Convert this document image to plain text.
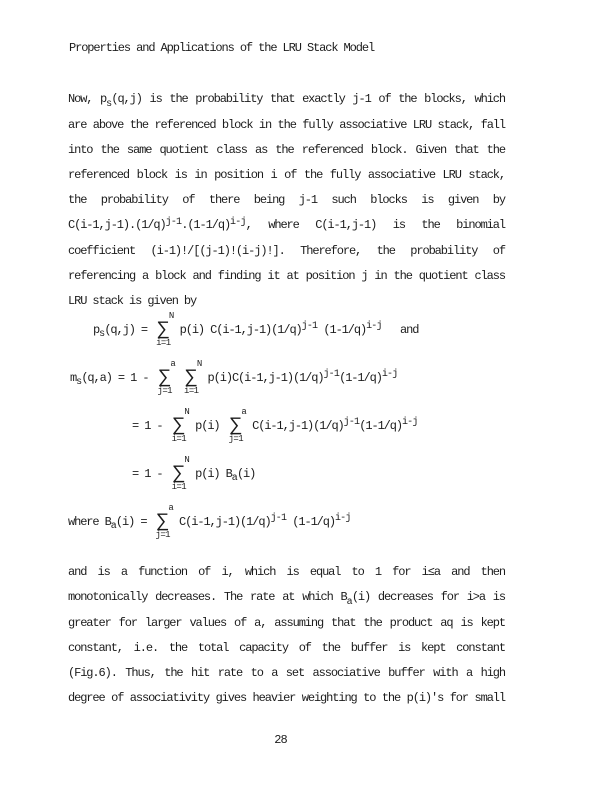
Properties and Applications of the LRU Stack Model
Now, $p_s(q,j)$ is the probability that exactly j-1 of the blocks, which
are above the referenced block in the fully associative LRU stack, fall
into the same quotient class as the referenced block. Given that the
referenced block is in position i of the fully associative LRU stack,
the probability of there being j-1 such blocks is given by
$C(i-1,j-1).(1/q)^{j-1}.(1-1/q)^{i-j}$, where C(i-1,j-1) is the binomial
coefficient (i-1)!/[(j-1)!(i-j)!]. Therefore, the probability of
referencing a block and finding it at position j in the quotient class
LRU stack is given by
p s (q,j) =
N
∑
i=1
p(i) C(i-1,j-1)(1/q) j-1 (1-1/q) i-j and
m s (q,a) = 1 -
a
∑
j=1

N
∑
i=1
p(i)C(i-1,j-1)(1/q) j-1 (1-1/q) i-j
= 1 -
N
∑
i=1
p(i)
a
∑
j=1
C(i-1,j-1)(1/q) j-1 (1-1/q) i-j
= 1 -
N
∑
i=1
p(i) B a (i)
where B a (i) =
a
∑
j=1
C(i-1,j-1)(1/q) j-1 (1-1/q) i-j
and is a function of i, which is equal to 1 for i≤a and then
monotonically decreases. The rate at which $B_a(i)$ decreases for i>a is
greater for larger values of a, assuming that the product aq is kept
constant, i.e. the total capacity of the buffer is kept constant
(Fig.6). Thus, the hit rate to a set associative buffer with a high
degree of associativity gives heavier weighting to the p(i)'s for small
28
